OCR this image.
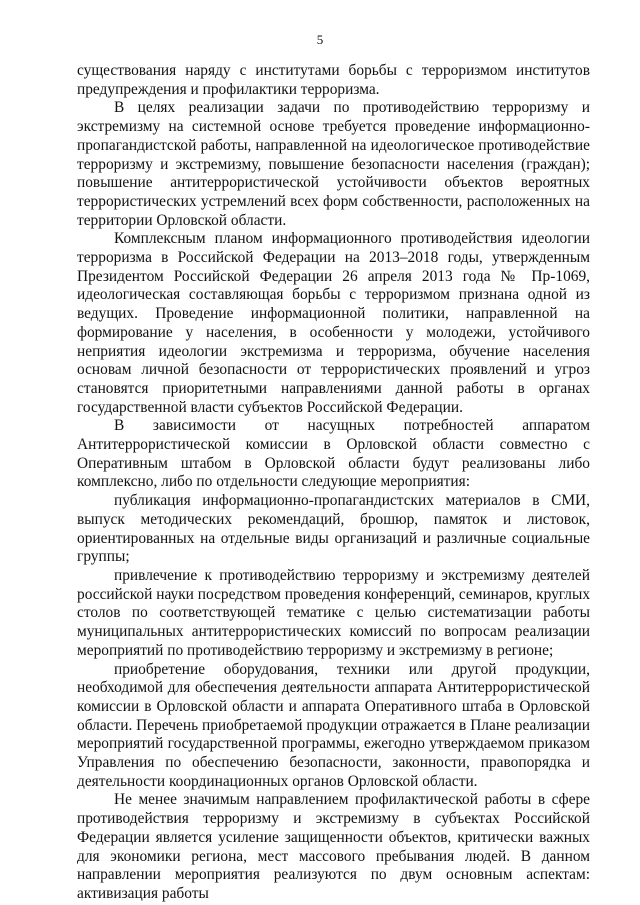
5

существования наряду с институтами борьбы с терроризмом институтов предупреждения и профилактики терроризма.

В целях реализации задачи по противодействию терроризму и экстремизму на системной основе требуется проведение информационно-пропагандистской работы, направленной на идеологическое противодействие терроризму и экстремизму, повышение безопасности населения (граждан); повышение антитеррористической устойчивости объектов вероятных террористических устремлений всех форм собственности, расположенных на территории Орловской области.

Комплексным планом информационного противодействия идеологии терроризма в Российской Федерации на 2013–2018 годы, утвержденным Президентом Российской Федерации 26 апреля 2013 года № Пр-1069, идеологическая составляющая борьбы с терроризмом признана одной из ведущих. Проведение информационной политики, направленной на формирование у населения, в особенности у молодежи, устойчивого неприятия идеологии экстремизма и терроризма, обучение населения основам личной безопасности от террористических проявлений и угроз становятся приоритетными направлениями данной работы в органах государственной власти субъектов Российской Федерации.

В зависимости от насущных потребностей аппаратом Антитеррористической комиссии в Орловской области совместно с Оперативным штабом в Орловской области будут реализованы либо комплексно, либо по отдельности следующие мероприятия:

публикация информационно-пропагандистских материалов в СМИ, выпуск методических рекомендаций, брошюр, памяток и листовок, ориентированных на отдельные виды организаций и различные социальные группы;

привлечение к противодействию терроризму и экстремизму деятелей российской науки посредством проведения конференций, семинаров, круглых столов по соответствующей тематике с целью систематизации работы муниципальных антитеррористических комиссий по вопросам реализации мероприятий по противодействию терроризму и экстремизму в регионе;

приобретение оборудования, техники или другой продукции, необходимой для обеспечения деятельности аппарата Антитеррористической комиссии в Орловской области и аппарата Оперативного штаба в Орловской области. Перечень приобретаемой продукции отражается в Плане реализации мероприятий государственной программы, ежегодно утверждаемом приказом Управления по обеспечению безопасности, законности, правопорядка и деятельности координационных органов Орловской области.

Не менее значимым направлением профилактической работы в сфере противодействия терроризму и экстремизму в субъектах Российской Федерации является усиление защищенности объектов, критически важных для экономики региона, мест массового пребывания людей. В данном направлении мероприятия реализуются по двум основным аспектам: активизация работы
